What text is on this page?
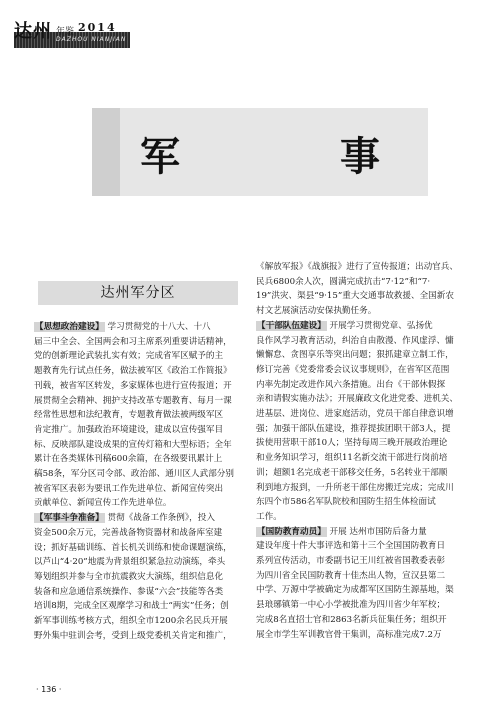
达州 年鉴 2014
DAZHOU NIANJIAN
军	事
达州军分区
【思想政治建设】 学习贯彻党的十八大、十八
届三中全会、全国两会和习主席系列重要讲话精神，
党的创新理论武装扎实有效；完成省军区赋予的主
题教育先行试点任务，做法被军区《政治工作简报》
刊载，被省军区转发，多家媒体也进行宣传报道；开
展贯彻全会精神、拥护支持改革专题教育、每月一课
经常性思想和法纪教育，专题教育做法被两级军区
肯定推广。加强政治环境建设，建成以宣传强军目
标、反映部队建设成果的宣传灯箱和大型标语；全年
累计在各类媒体刊稿600余篇，在各级要讯累计上
稿58条，军分区司令部、政治部、通川区人武部分别
被省军区表彰为要讯工作先进单位、新闻宣传突出
贡献单位、新闻宣传工作先进单位。
【军事斗争准备】 贯彻《战备工作条例》，投入
资金500余万元，完善战备物资器材和战备库室建
设；抓好基础训练、首长机关训练和使命课题演练，
以芦山“4·20”地震为背景组织紧急拉动演练，牵头
筹划组织并参与全市抗震救灾大演练，组织信息化
装备和应急通信系统操作、参谋“六会”技能等各类
培训8期，完成全区观摩学习和战士“两实”任务；创
新军事训练考核方式，组织全市1200余名民兵开展
野外集中驻训会考，受到上级党委机关肯定和推广，
《解放军报》《战旗报》进行了宣传报道；出动官兵、
民兵6800余人次，圆满完成抗击“7·12”和“7·
19”洪灾、渠县“9·15”重大交通事故救援、全国新农
村文艺展演活动安保执勤任务。
【干部队伍建设】 开展学习贯彻党章、弘扬优
良作风学习教育活动，纠治自由散漫、作风虚浮、慵
懒懈怠、贪图享乐等突出问题；狠抓建章立制工作，
修订完善《党委常委会议议事规则》，在省军区范围
内率先制定改进作风六条措施。出台《干部休假探
亲和请假实施办法》；开展廉政文化进党委、进机关、
进基层、进岗位、进家庭活动，党员干部自律意识增
强；加强干部队伍建设，推荐提拔团职干部3人，提
拔使用营职干部10人；坚持每周三晚开展政治理论
和业务知识学习，组织11名新交流干部进行岗前培
训；超额1名完成老干部移交任务，5名转业干部顺
利到地方报到，一升所老干部住房搬迁完成；完成川
东四个市586名军队院校和国防生招生体检面试
工作。
【国防教育动员】 开展 达州市国防后备力量
建设年度十件大事评选和第十三个全国国防教育日
系列宣传活动，市委副书记王川红被省国教委表彰
为四川省全民国防教育十佳杰出人物，宣汉县第二
中学、万源中学被确定为成都军区国防生源基地，渠
县琅琊镇第一中心小学被批准为四川省少年军校；
完成8名直招士官和2863名新兵征集任务；组织开
展全市学生军训教官骨干集训，高标准完成7.2万
· 136 ·
